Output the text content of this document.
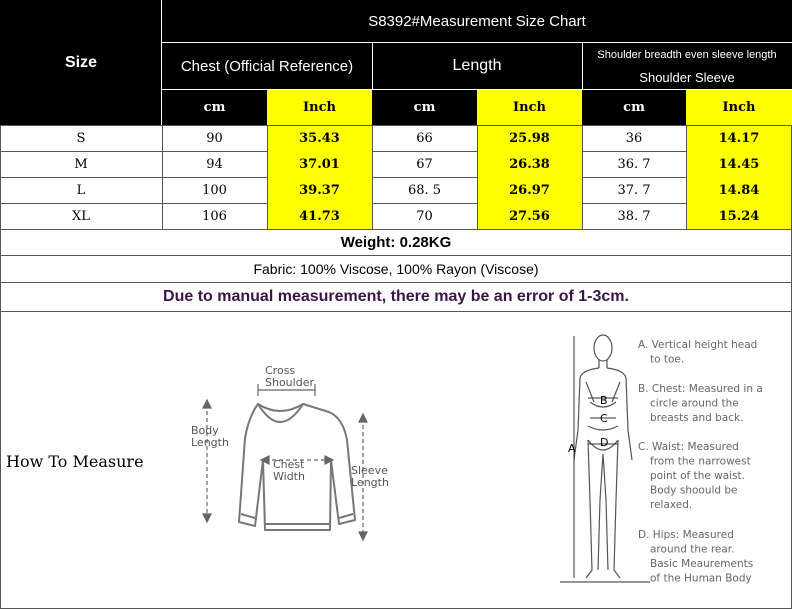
Size
S8392#Measurement Size Chart
Chest (Official Reference)	Length
Shoulder breadth even sleeve length
Shoulder Sleeve
cm	Inch	cm	Inch	cm	Inch
S	90	35.43	66	25.98	36	14.17
M	94	37.01	67	26.38	36. 7	14.45
L	100	39.37	68. 5	26.97	37. 7	14.84
XL	106	41.73	70	27.56	38. 7	15.24
Weight: 0.28KG
Fabric: 100% Viscose, 100% Rayon (Viscose)
Due to manual measurement, there may be an error of 1-3cm.
How To Measure
Cross
Shoulder
Body
Length
Chest
Width	Sleeve
Length
A
B
C
D
A. Vertical height head
to toe.
B. Chest: Measured in a
circle around the
breasts and back.
C. Waist: Measured
from the narrowest
point of the waist.
Body shoould be
relaxed.
D. Hips: Measured
around the rear.
Basic Meaurements
of the Human Body
